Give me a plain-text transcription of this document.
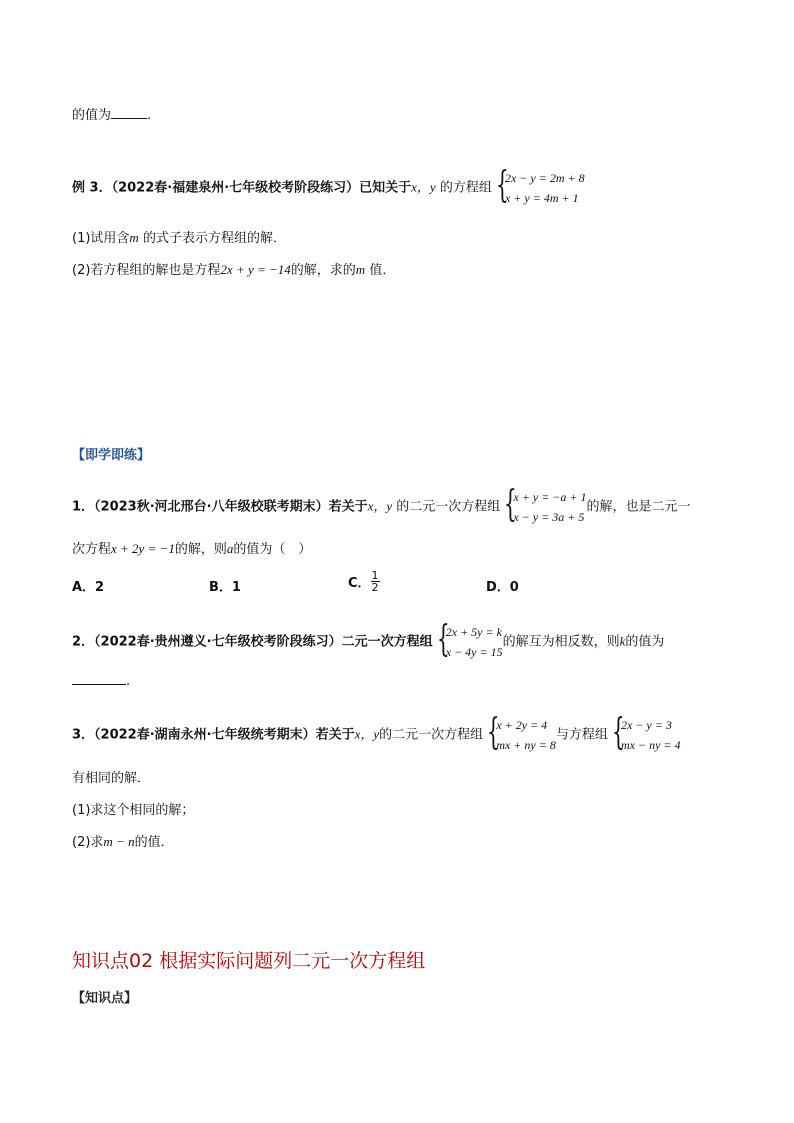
的值为	.
例 3．（2022春·福建泉州·七年级校考阶段练习）已知关于x，y 的方程组 {
2x − y = 2m + 8
x + y = 4m + 1
(1)试用含m 的式子表示方程组的解．
(2)若方程组的解也是方程2x + y = −14的解，求的m 值．
【即学即练】
1．（2023秋·河北邢台·八年级校联考期末）若关于x，y 的二元一次方程组 {
x + y = −a + 1
x − y = 3a + 5
的解，也是二元一
次方程x + 2y = −1的解，则a的值为（　）
A．2	B．1	C． $\frac{1}{2}$	D．0
2．（2022春·贵州遵义·七年级校考阶段练习）二元一次方程组 {
2x + 5y = k
x − 4y = 15
的解互为相反数，则k的值为
.
3．（2022春·湖南永州·七年级统考期末）若关于x，y的二元一次方程组 {
x + 2y = 4
mx + ny = 8
与方程组 {
2x − y = 3
mx − ny = 4
有相同的解．
(1)求这个相同的解；
(2)求m − n的值．
知识点02 根据实际问题列二元一次方程组
【知识点】
